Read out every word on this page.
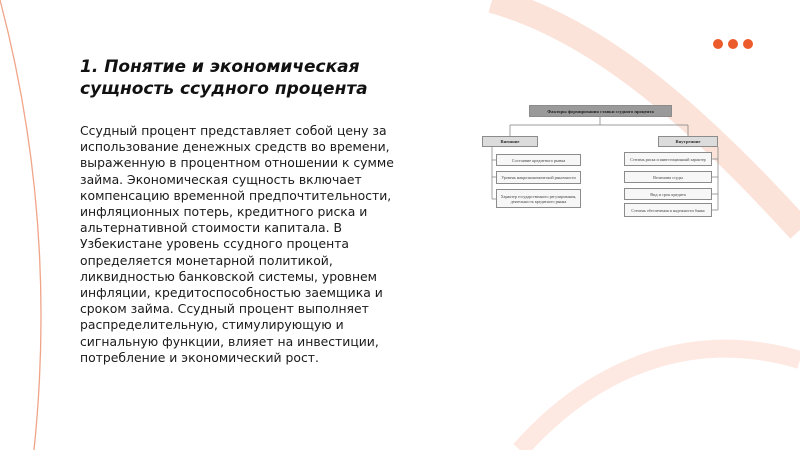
1. Понятие и экономическая сущность ссудного процента

Ссудный процент представляет собой цену за использование денежных средств во времени, выраженную в процентном отношении к сумме займа. Экономическая сущность включает компенсацию временной предпочтительности, инфляционных потерь, кредитного риска и альтернативной стоимости капитала. В Узбекистане уровень ссудного процента определяется монетарной политикой, ликвидностью банковской системы, уровнем инфляции, кредитоспособностью заемщика и сроком займа. Ссудный процент выполняет распределительную, стимулирующую и сигнальную функции, влияет на инвестиции, потребление и экономический рост.

Факторы формирования ставки ссудного процента
Внешние	Внутренние
Состояние кредитного рынка
Уровень макроэкономической рыночности
Характер государственного регулирования, деятельность кредитного рынка
Степень риска и инвестиционный характер
Величина ссуды
Вид и срок кредита
Степень обеспечения и надежности банка
